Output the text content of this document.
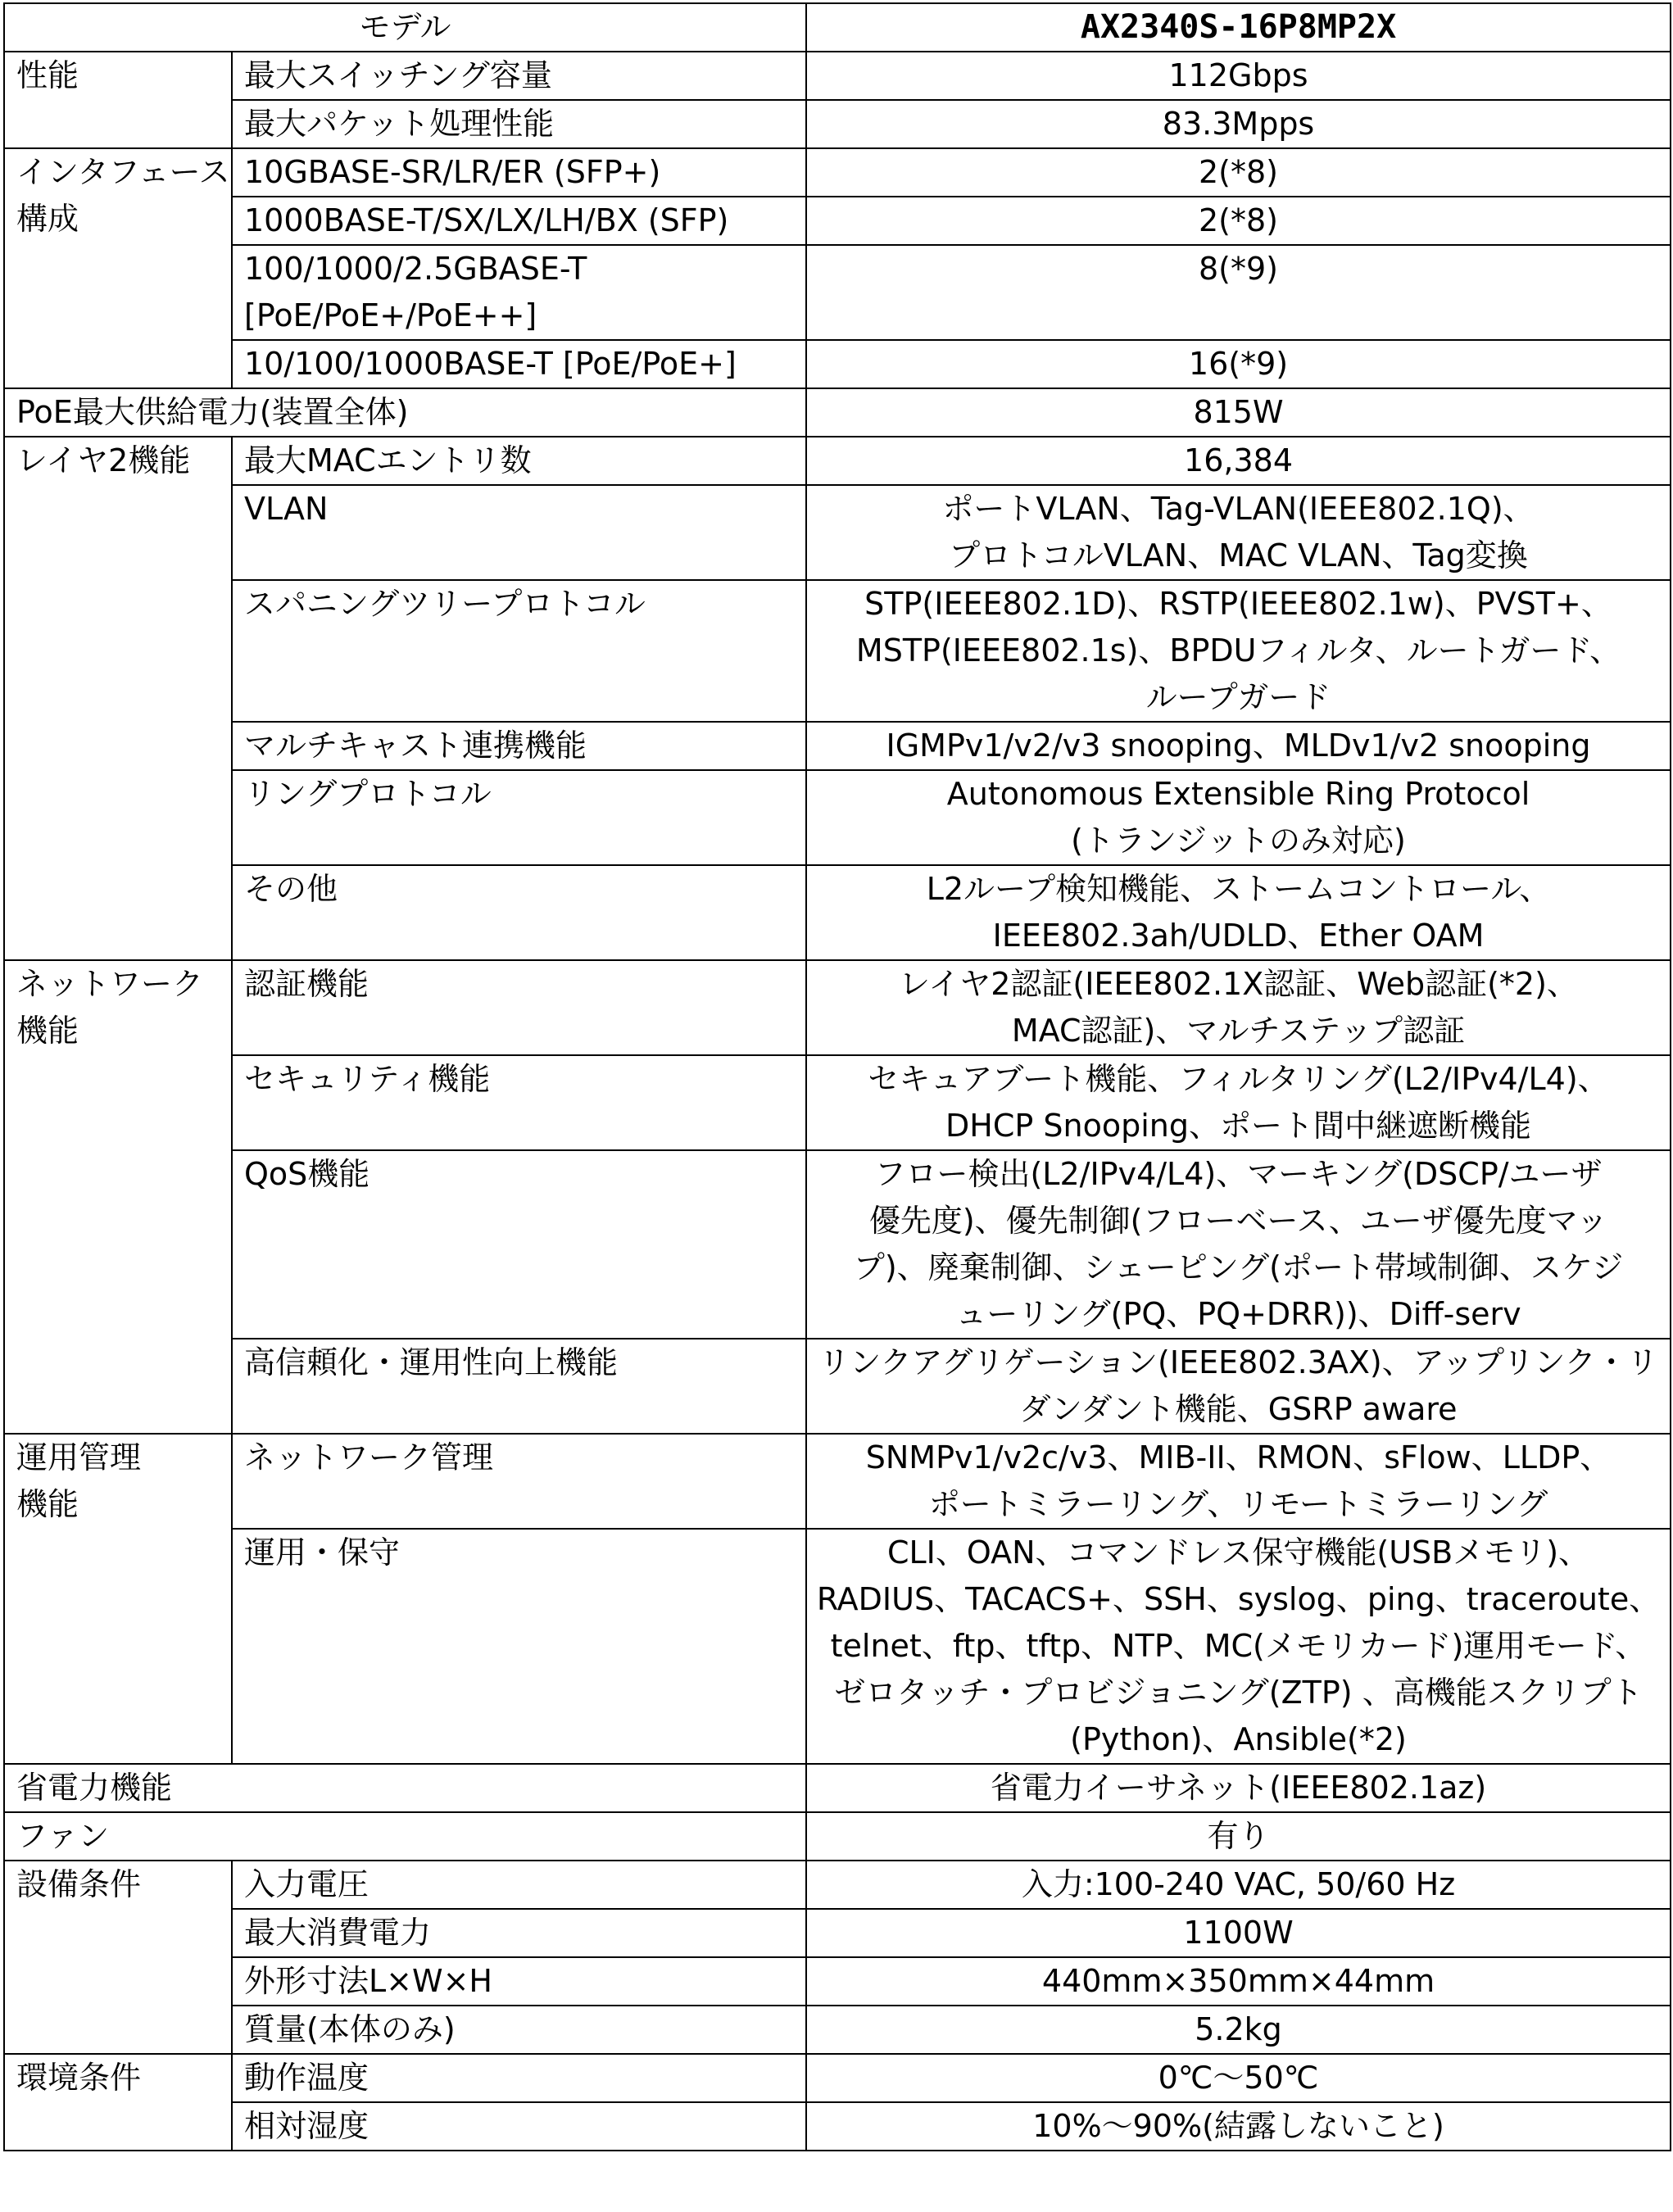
モデル		AX2340S-16P8MP2X
性能	最大スイッチング容量	112Gbps
	最大パケット処理性能	83.3Mpps

インタフェース
構成	10GBASE-SR/LR/ER (SFP+)	2(*8)
	1000BASE-T/SX/LX/LH/BX (SFP)	2(*8)

	100/1000/2.5GBASE-T
[PoE/PoE+/PoE++]	8(*9)
	10/100/1000BASE-T [PoE/PoE+]	16(*9)
PoE最大供給電力(装置全体)		815W
レイヤ2機能	最大MACエントリ数	16,384
	VLAN	ポートVLAN、Tag-VLAN(IEEE802.1Q)、
プロトコルVLAN、MAC VLAN、Tag変換

	スパニングツリープロトコル	STP(IEEE802.1D)、RSTP(IEEE802.1w)、PVST+、
MSTP(IEEE802.1s)、BPDUフィルタ、ルートガード、
ループガード

	マルチキャスト連携機能	IGMPv1/v2/v3 snooping、MLDv1/v2 snooping
	リングプロトコル	Autonomous Extensible Ring Protocol
(トランジットのみ対応)

	その他	L2ループ検知機能、ストームコントロール、
IEEE802.3ah/UDLD、Ether OAM

ネットワーク
機能	認証機能	レイヤ2認証(IEEE802.1X認証、Web認証(*2)、
MAC認証)、マルチステップ認証

	セキュリティ機能	セキュアブート機能、フィルタリング(L2/IPv4/L4)、
DHCP Snooping、ポート間中継遮断機能

	QoS機能	フロー検出(L2/IPv4/L4)、マーキング(DSCP/ユーザ
優先度)、優先制御(フローベース、ユーザ優先度マッ
プ)、廃棄制御、シェーピング(ポート帯域制御、スケジ
ューリング(PQ、PQ+DRR))、Diff-serv

	高信頼化・運用性向上機能	リンクアグリゲーション(IEEE802.3AX)、アップリンク・リ
ダンダント機能、GSRP aware

運用管理
機能	ネットワーク管理	SNMPv1/v2c/v3、MIB-II、RMON、sFlow、LLDP、
ポートミラーリング、リモートミラーリング

	運用・保守	CLI、OAN、コマンドレス保守機能(USBメモリ)、
RADIUS、TACACS+、SSH、syslog、ping、traceroute、
telnet、ftp、tftp、NTP、MC(メモリカード)運用モード、
ゼロタッチ・プロビジョニング(ZTP) 、高機能スクリプト
(Python)、Ansible(*2)

省電力機能		省電力イーサネット(IEEE802.1az)
ファン		有り
設備条件	入力電圧	入力:100-240 VAC, 50/60 Hz
	最大消費電力	1100W
	外形寸法L×W×H	440mm×350mm×44mm
	質量(本体のみ)	5.2kg
環境条件	動作温度	0℃～50℃
	相対湿度	10%～90%(結露しないこと)
